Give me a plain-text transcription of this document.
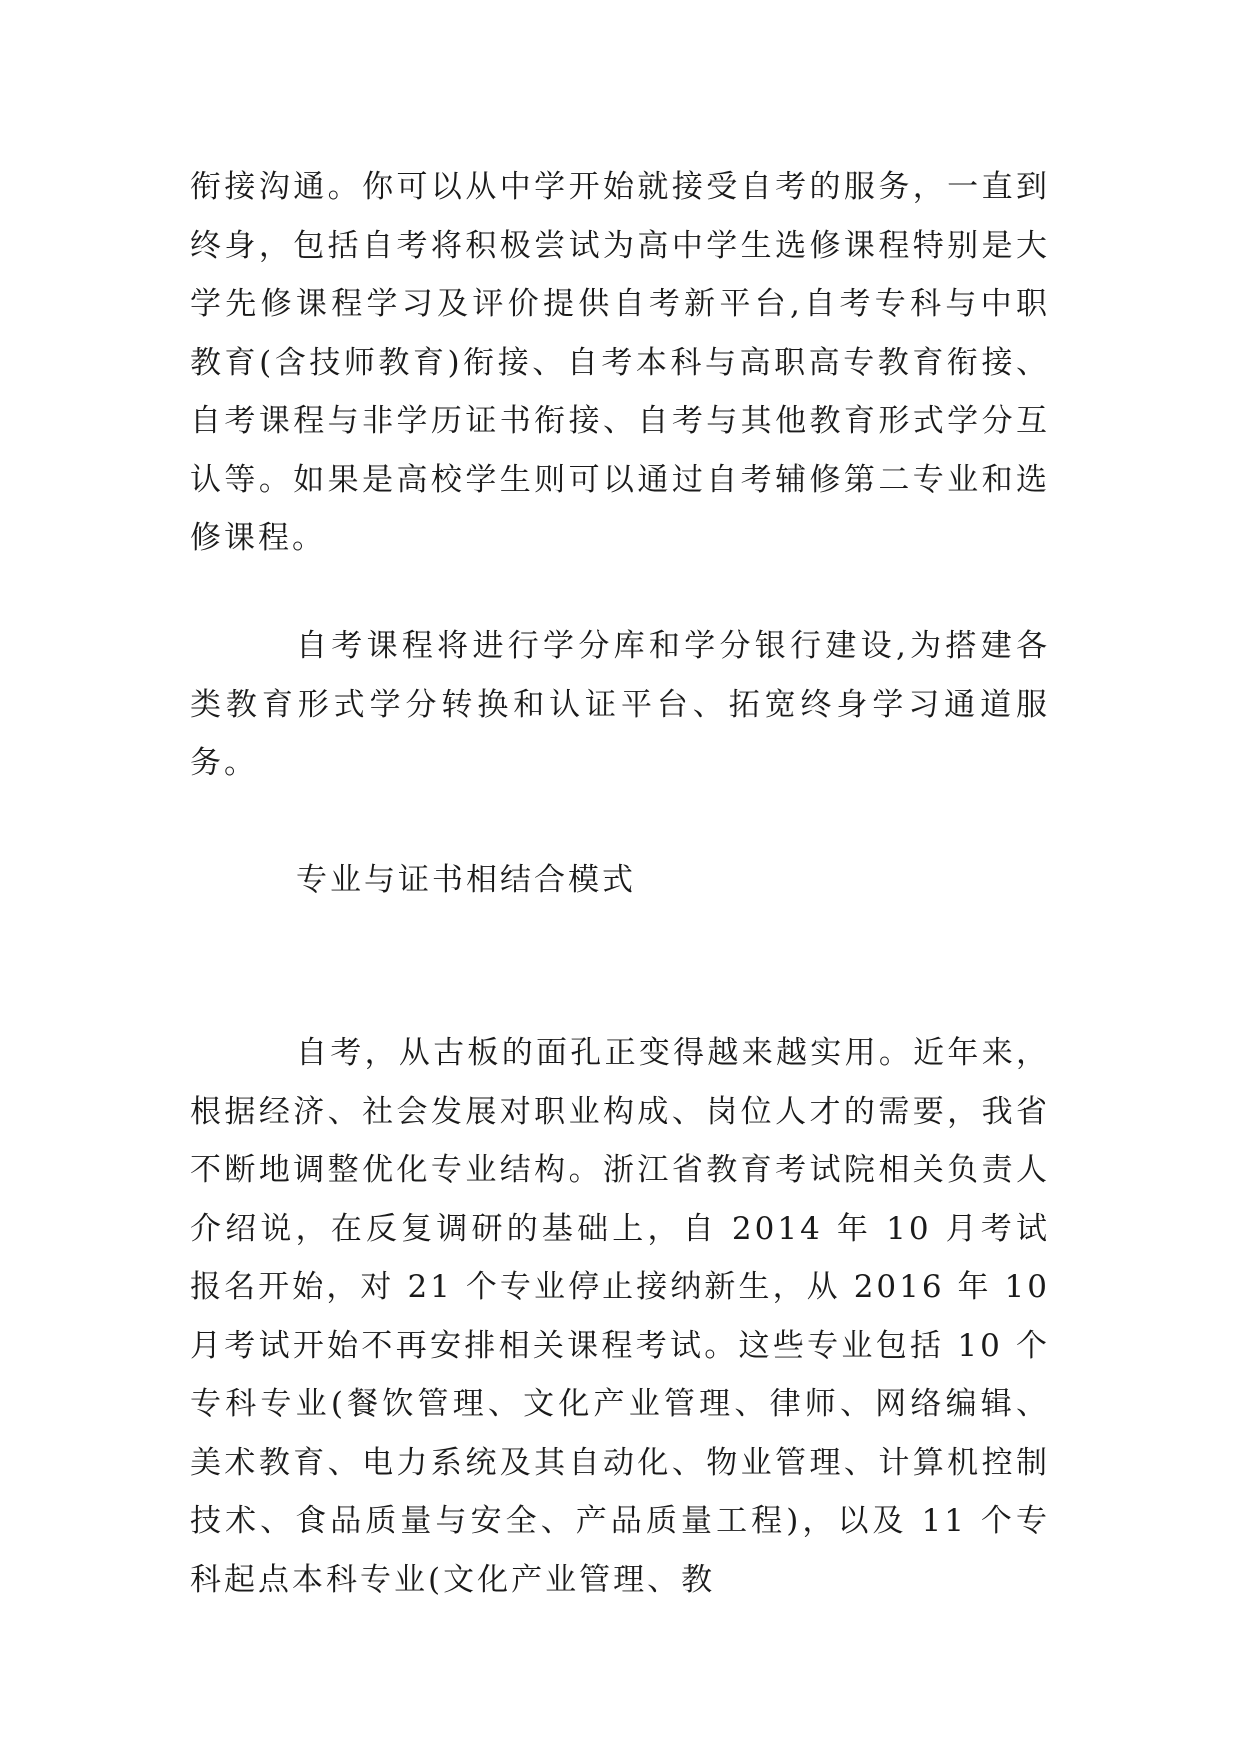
衔接沟通。你可以从中学开始就接受自考的服务，一直到终身，包括自考将积极尝试为高中学生选修课程特别是大学先修课程学习及评价提供自考新平台,自考专科与中职教育(含技师教育)衔接、自考本科与高职高专教育衔接、自考课程与非学历证书衔接、自考与其他教育形式学分互认等。如果是高校学生则可以通过自考辅修第二专业和选修课程。

自考课程将进行学分库和学分银行建设,为搭建各类教育形式学分转换和认证平台、拓宽终身学习通道服务。

专业与证书相结合模式

自考，从古板的面孔正变得越来越实用。近年来，根据经济、社会发展对职业构成、岗位人才的需要，我省不断地调整优化专业结构。浙江省教育考试院相关负责人介绍说，在反复调研的基础上，自 2014 年 10 月考试报名开始，对 21 个专业停止接纳新生，从 2016 年 10 月考试开始不再安排相关课程考试。这些专业包括 10 个专科专业(餐饮管理、文化产业管理、律师、网络编辑、美术教育、电力系统及其自动化、物业管理、计算机控制技术、食品质量与安全、产品质量工程)，以及 11 个专科起点本科专业(文化产业管理、教
